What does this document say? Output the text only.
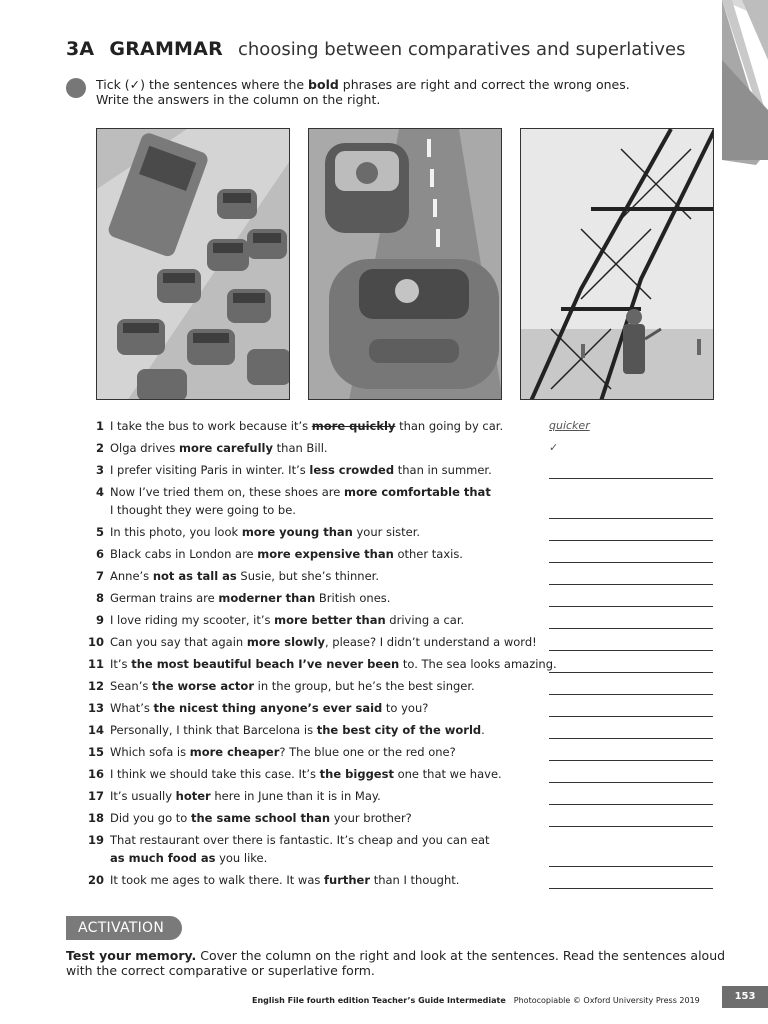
3A GRAMMAR choosing between comparatives and superlatives
Tick (✓) the sentences where the bold phrases are right and correct the wrong ones.
Write the answers in the column on the right.
1 I take the bus to work because it’s more quickly than going by car.	quicker
2 Olga drives more carefully than Bill.	✓
3 I prefer visiting Paris in winter. It’s less crowded than in summer.
4 Now I’ve tried them on, these shoes are more comfortable that
I thought they were going to be.
5 In this photo, you look more young than your sister.
6 Black cabs in London are more expensive than other taxis.
7 Anne’s not as tall as Susie, but she’s thinner.
8 German trains are moderner than British ones.
9 I love riding my scooter, it’s more better than driving a car.
10 Can you say that again more slowly, please? I didn’t understand a word!
11 It’s the most beautiful beach I’ve never been to. The sea looks amazing.
12 Sean’s the worse actor in the group, but he’s the best singer.
13 What’s the nicest thing anyone’s ever said to you?
14 Personally, I think that Barcelona is the best city of the world.
15 Which sofa is more cheaper? The blue one or the red one?
16 I think we should take this case. It’s the biggest one that we have.
17 It’s usually hoter here in June than it is in May.
18 Did you go to the same school than your brother?
19 That restaurant over there is fantastic. It’s cheap and you can eat
as much food as you like.
20 It took me ages to walk there. It was further than I thought.
ACTIVATION
Test your memory. Cover the column on the right and look at the sentences. Read the sentences aloud with the correct comparative or superlative form.
English File fourth edition Teacher’s Guide Intermediate Photocopiable © Oxford University Press 2019	153
